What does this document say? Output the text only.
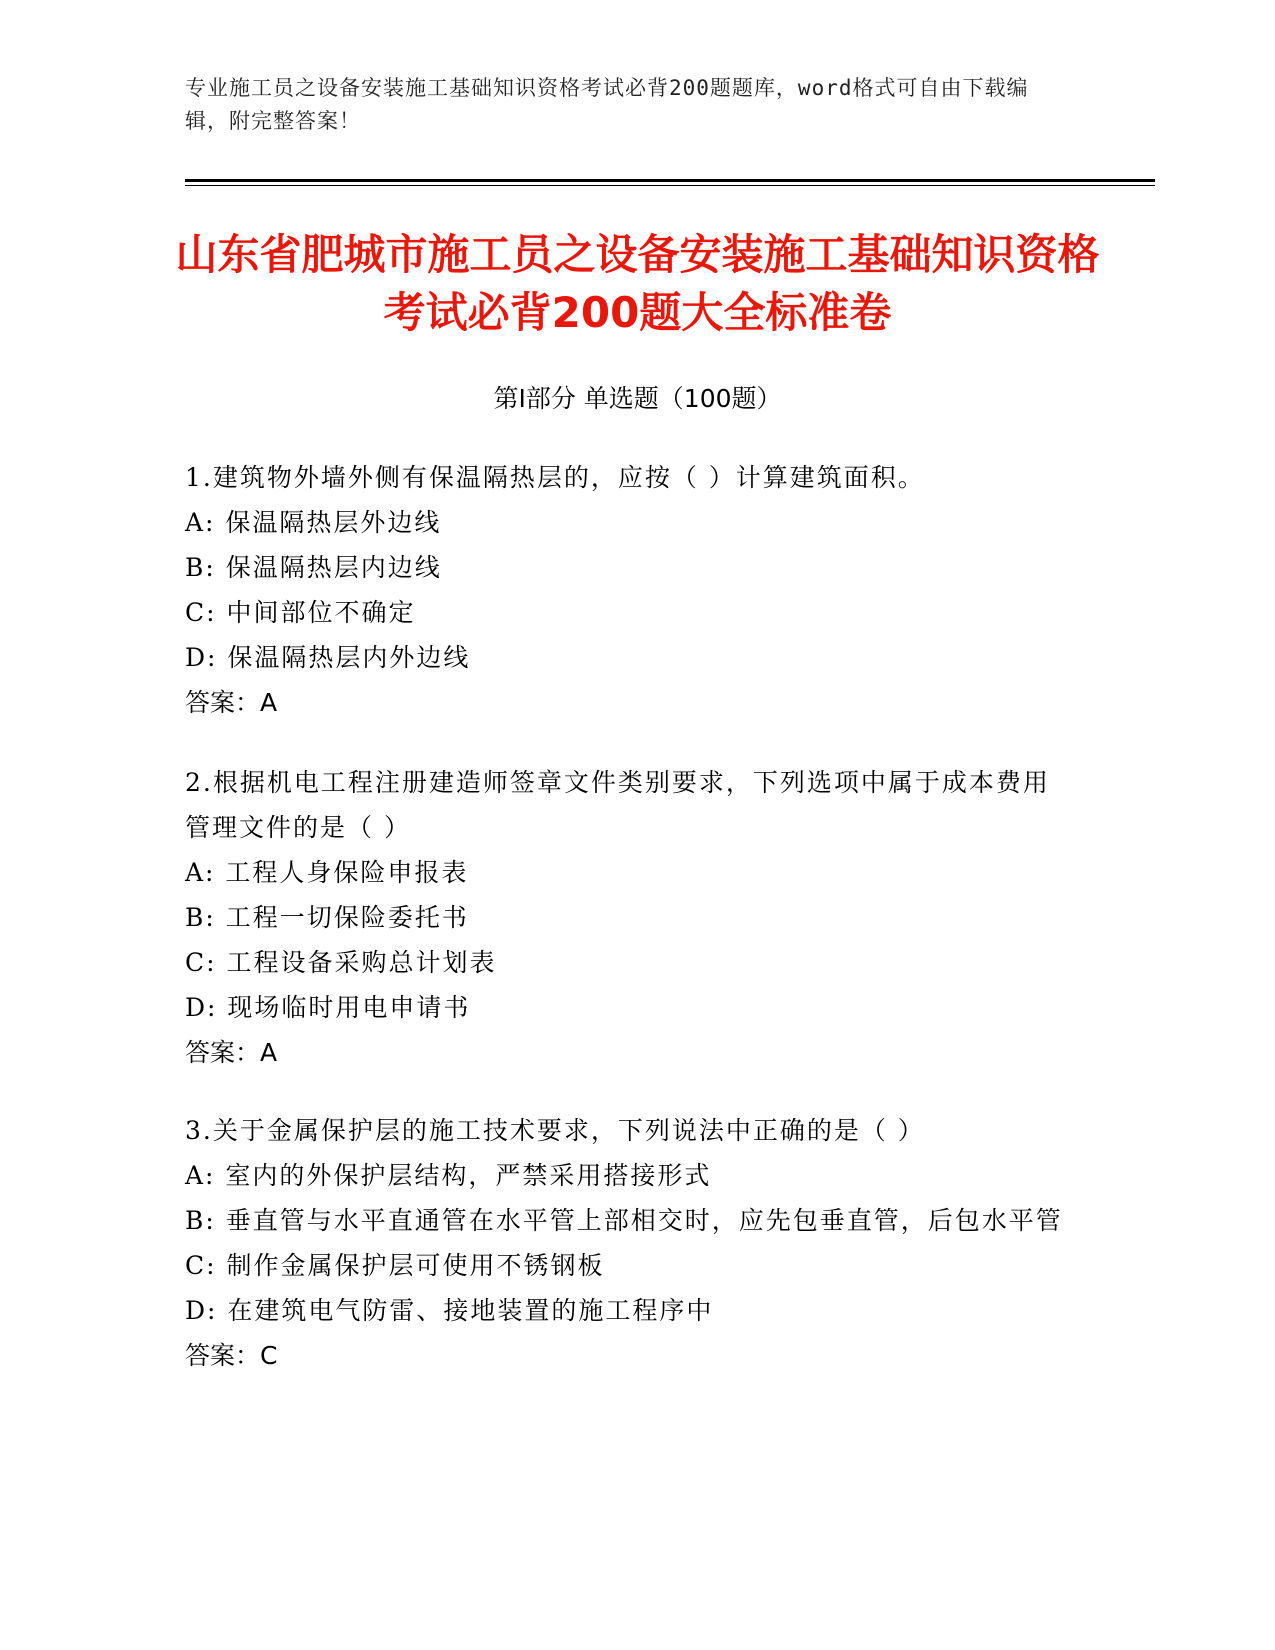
专业施工员之设备安装施工基础知识资格考试必背200题题库，word格式可自由下载编辑，附完整答案！
山东省肥城市施工员之设备安装施工基础知识资格考试必背200题大全标准卷
第I部分 单选题（100题）

1.建筑物外墙外侧有保温隔热层的，应按（ ）计算建筑面积。

A: 保温隔热层外边线

B: 保温隔热层内边线

C: 中间部位不确定

D: 保温隔热层内外边线

答案：A

2.根据机电工程注册建造师签章文件类别要求，下列选项中属于成本费用管理文件的是（ ）

A: 工程人身保险申报表

B: 工程一切保险委托书

C: 工程设备采购总计划表

D: 现场临时用电申请书

答案：A

3.关于金属保护层的施工技术要求，下列说法中正确的是（ ）

A: 室内的外保护层结构，严禁采用搭接形式

B: 垂直管与水平直通管在水平管上部相交时，应先包垂直管，后包水平管

C: 制作金属保护层可使用不锈钢板

D: 在建筑电气防雷、接地装置的施工程序中

答案：C
